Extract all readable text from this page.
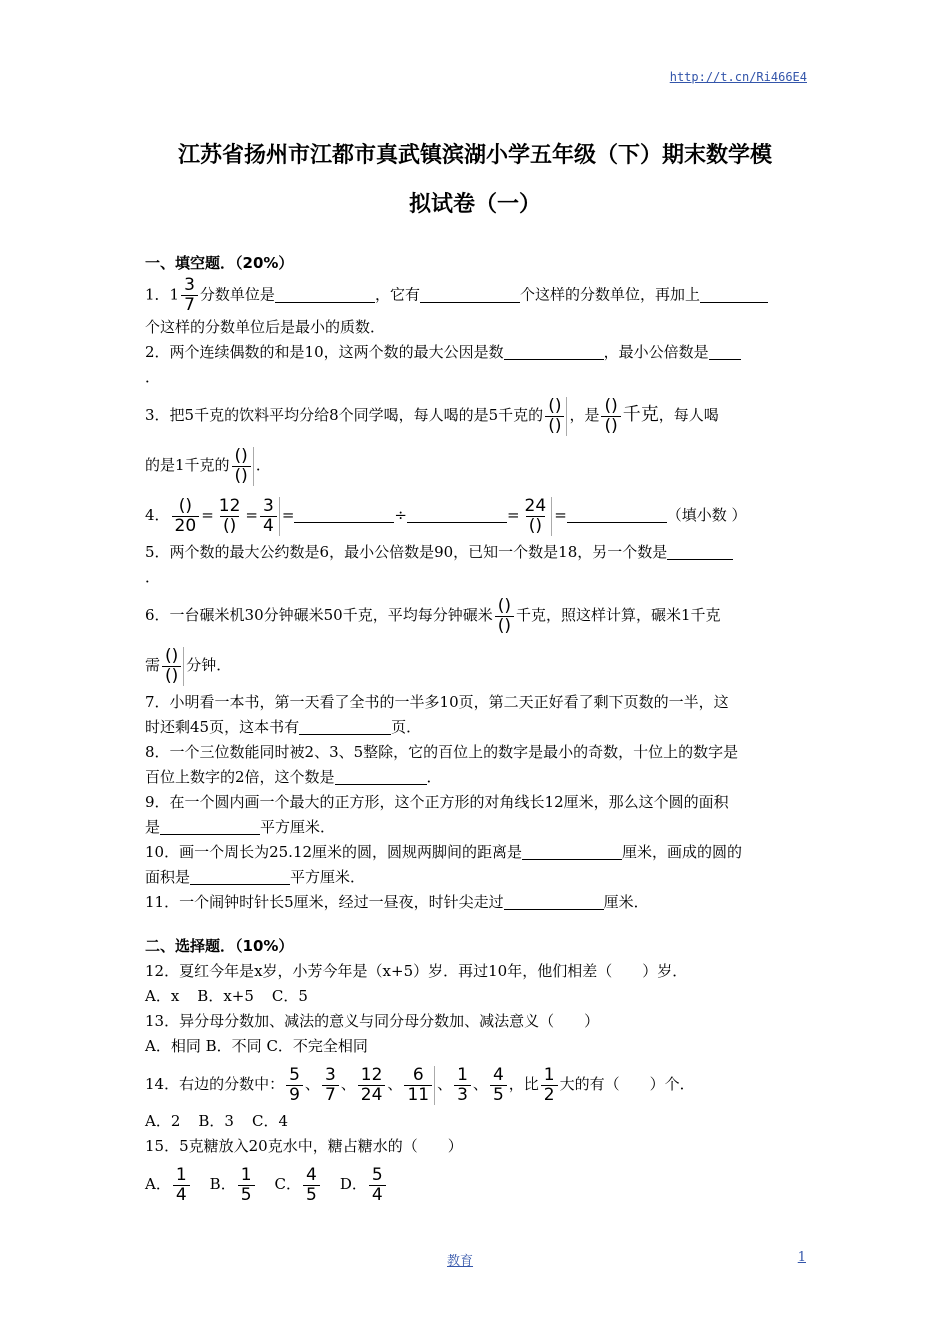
http://t.cn/Ri466E4
江苏省扬州市江都市真武镇滨湖小学五年级（下）期末数学模
拟试卷（一）
一、填空题．（20%）
1．$1 \frac{3}{7}$ 分数单位是	，它有	个这样的分数单位，再加上
个这样的分数单位后是最小的质数．
2．两个连续偶数的和是10，这两个数的最大公因是数	，最小公倍数是
．
3．把5千克的饮料平均分给8个同学喝，每人喝的是5千克的 $\frac{()}{()}$ ，是 $\frac{()}{()}$ 千克，每人喝
的是1千克的 $\frac{()}{()}$ ．
4． $\frac{()}{20} = \frac{12}{()} = \frac{3}{4}$ =	÷	= $\frac{24}{()}$ =	（填小数 ）
5．两个数的最大公约数是6，最小公倍数是90，已知一个数是18，另一个数是
．
6．一台碾米机30分钟碾米50千克，平均每分钟碾米 $\frac{()}{()}$ 千克，照这样计算，碾米1千克
需 $\frac{()}{()}$ 分钟．
7．小明看一本书，第一天看了全书的一半多10页，第二天正好看了剩下页数的一半，这
时还剩45页，这本书有	页．
8．一个三位数能同时被2、3、5整除，它的百位上的数字是最小的奇数，十位上的数字是
百位上数字的2倍，这个数是	．
9．在一个圆内画一个最大的正方形，这个正方形的对角线长12厘米，那么这个圆的面积
是	平方厘米．
10．画一个周长为25.12厘米的圆，圆规两脚间的距离是	厘米，画成的圆的
面积是	平方厘米．
11．一个闹钟时针长5厘米，经过一昼夜，时针尖走过	厘米．
二、选择题．（10%）
12．夏红今年是x岁，小芳今年是（x+5）岁．再过10年，他们相差（　　）岁．
A．x B．x+5 C．5
13．异分母分数加、减法的意义与同分母分数加、减法意义（　　）
A．相同 B．不同 C．不完全相同
14．右边的分数中： $\frac{5}{9}$ 、 $\frac{3}{7}$ 、 $\frac{12}{24}$ 、 $\frac{6}{11}$ 、 $\frac{1}{3}$ 、 $\frac{4}{5}$ ，比 $\frac{1}{2}$ 大的有（　　）个．
A．2 B．3 C．4
15．5克糖放入20克水中，糖占糖水的（　　）
A． $\frac{1}{4}$ B． $\frac{1}{5}$ C． $\frac{4}{5}$ D． $\frac{5}{4}$
教育	1
